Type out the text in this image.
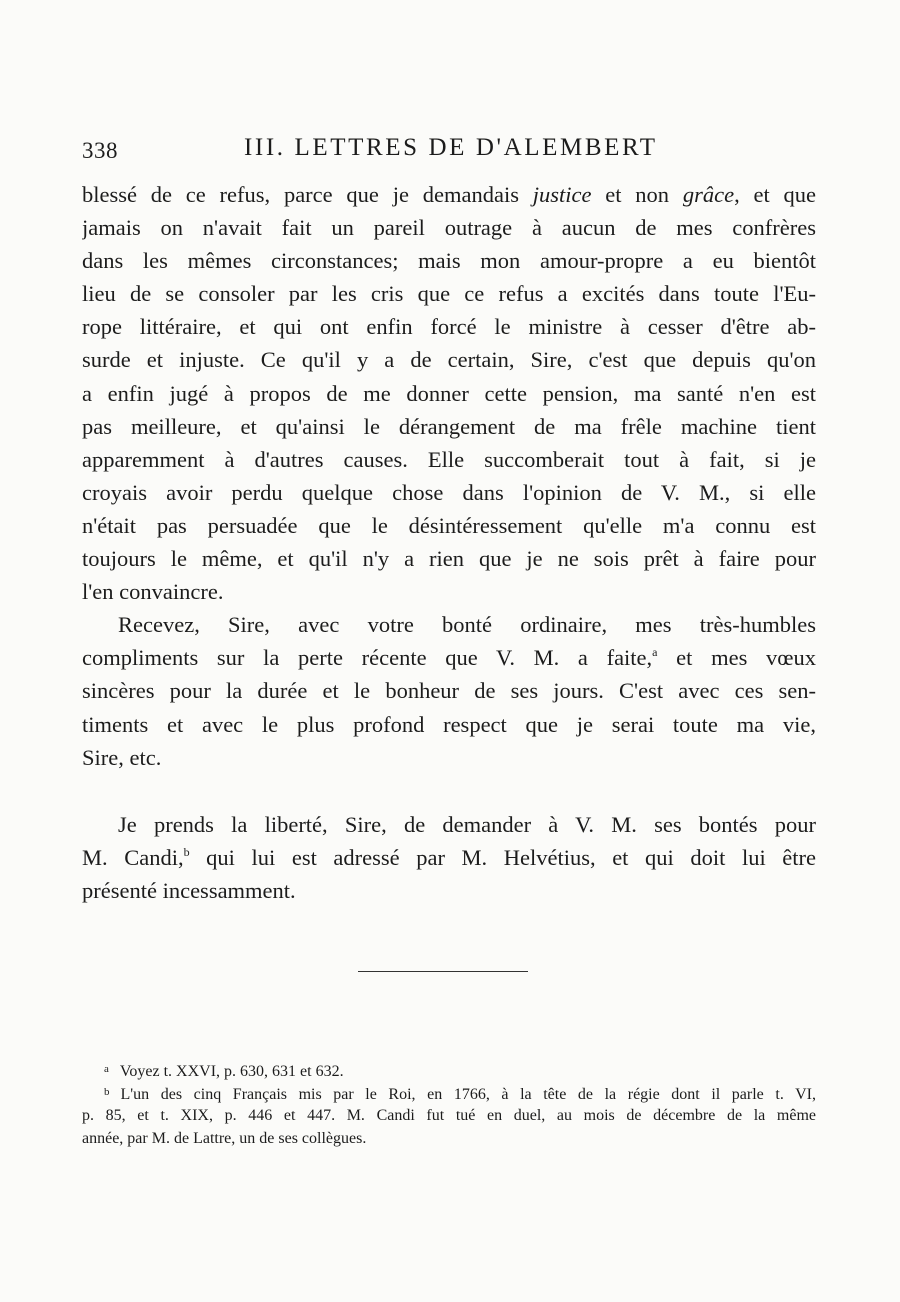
338	III. LETTRES DE D'ALEMBERT
blessé de ce refus, parce que je demandais justice et non grâce, et que
jamais on n'avait fait un pareil outrage à aucun de mes confrères
dans les mêmes circonstances; mais mon amour-propre a eu bientôt
lieu de se consoler par les cris que ce refus a excités dans toute l'Eu-
rope littéraire, et qui ont enfin forcé le ministre à cesser d'être ab-
surde et injuste. Ce qu'il y a de certain, Sire, c'est que depuis qu'on
a enfin jugé à propos de me donner cette pension, ma santé n'en est
pas meilleure, et qu'ainsi le dérangement de ma frêle machine tient
apparemment à d'autres causes. Elle succomberait tout à fait, si je
croyais avoir perdu quelque chose dans l'opinion de V. M., si elle
n'était pas persuadée que le désintéressement qu'elle m'a connu est
toujours le même, et qu'il n'y a rien que je ne sois prêt à faire pour
l'en convaincre.
Recevez, Sire, avec votre bonté ordinaire, mes très-humbles
compliments sur la perte récente que V. M. a faite,$^a$ et mes vœux
sincères pour la durée et le bonheur de ses jours. C'est avec ces sen-
timents et avec le plus profond respect que je serai toute ma vie,
Sire, etc.
Je prends la liberté, Sire, de demander à V. M. ses bontés pour
M. Candi,$^b$ qui lui est adressé par M. Helvétius, et qui doit lui être
présenté incessamment.
$^a$ Voyez t. XXVI, p. 630, 631 et 632.
$^b$ L'un des cinq Français mis par le Roi, en 1766, à la tête de la régie dont il parle t. VI,
p. 85, et t. XIX, p. 446 et 447. M. Candi fut tué en duel, au mois de décembre de la même
année, par M. de Lattre, un de ses collègues.
